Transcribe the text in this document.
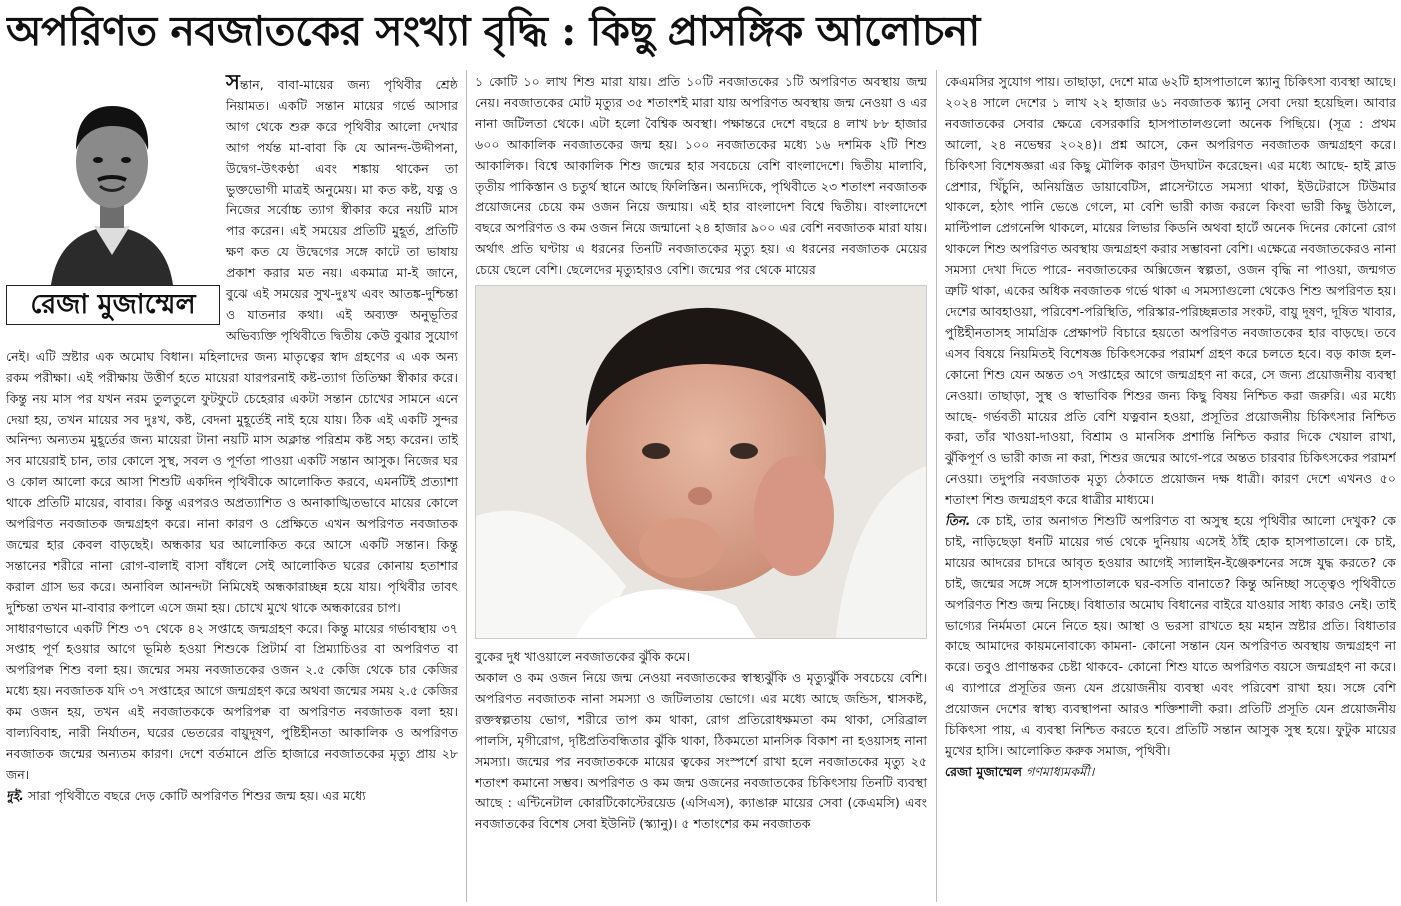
অপরিণত নবজাতকের সংখ্যা বৃদ্ধি : কিছু প্রাসঙ্গিক আলোচনা
রেজা মুজাম্মেল

সন্তান, বাবা-মায়ের জন্য পৃথিবীর শ্রেষ্ঠ নিয়ামত। একটি সন্তান মায়ের গর্ভে আসার আগ থেকে শুরু করে পৃথিবীর আলো দেখার আগ পর্যন্ত মা-বাবা কি যে আনন্দ-উদ্দীপনা, উদ্বেগ-উৎকণ্ঠা এবং শঙ্কায় থাকেন তা ভুক্তভোগী মাত্রই অনুমেয়। মা কত কষ্ট, যত্ন ও নিজের সর্বোচ্চ ত্যাগ স্বীকার করে নয়টি মাস পার করেন। এই সময়ের প্রতিটি মুহূর্ত, প্রতিটি ক্ষণ কত যে উদ্বেগের সঙ্গে কাটে তা ভাষায় প্রকাশ করার মত নয়। একমাত্র মা-ই জানে, বুঝে এই সময়ের সুখ-দুঃখ এবং আতঙ্ক-দুশ্চিন্তা ও যাতনার কথা। এই অব্যক্ত অনুভূতির অভিব্যক্তি পৃথিবীতে দ্বিতীয় কেউ বুঝার সুযোগ নেই। এটি স্রষ্টার এক অমোঘ বিধান। মহিলাদের জন্য মাতৃত্বের স্বাদ গ্রহণের এ এক অন্য রকম পরীক্ষা। এই পরীক্ষায় উত্তীর্ণ হতে মায়েরা যারপরনাই কষ্ট-ত্যাগ তিতিক্ষা স্বীকার করে। কিন্তু নয় মাস পর যখন নরম তুলতুলে ফুটফুটে চেহেরার একটা সন্তান চোখের সামনে এনে দেয়া হয়, তখন মায়ের সব দুঃখ, কষ্ট, বেদনা মুহূর্তেই নাই হয়ে যায়। ঠিক এই একটি সুন্দর অনিন্দ্য অন্যতম মুহূর্তের জন্য মায়েরা টানা নয়টি মাস অক্লান্ত পরিশ্রম কষ্ট সহ্য করেন। তাই সব মায়েরাই চান, তার কোলে সুস্থ, সবল ও পূর্ণতা পাওয়া একটি সন্তান আসুক। নিজের ঘর ও কোল আলো করে আসা শিশুটি একদিন পৃথিবীকে আলোকিত করবে, এমনটিই প্রত্যাশা থাকে প্রতিটি মায়ের, বাবার। কিন্তু এরপরও অপ্রত্যাশিত ও অনাকাঙ্খিতভাবে মায়ের কোলে অপরিণত নবজাতক জন্মগ্রহণ করে। নানা কারণ ও প্রেক্ষিতে এখন অপরিণত নবজাতক জন্মের হার কেবল বাড়ছেই। অন্ধকার ঘর আলোকিত করে আসে একটি সন্তান। কিন্তু সন্তানের শরীরে নানা রোগ-বালাই বাসা বাঁধলে সেই আলোকিত ঘরের কোনায় হতাশার করাল গ্রাস ভর করে। অনাবিল আনন্দটা নিমিষেই অন্ধকারাচ্ছন্ন হয়ে যায়। পৃথিবীর তাবৎ দুশ্চিন্তা তখন মা-বাবার কপালে এসে জমা হয়। চোখে মুখে থাকে অন্ধকারের চাপ।

সাধারণভাবে একটি শিশু ৩৭ থেকে ৪২ সপ্তাহে জন্মগ্রহণ করে। কিন্তু মায়ের গর্ভাবস্থায় ৩৭ সপ্তাহ পূর্ণ হওয়ার আগে ভূমিষ্ঠ হওয়া শিশুকে প্রিটার্ম বা প্রিম্যাচিওর বা অপরিণত বা অপরিপক্ব শিশু বলা হয়। জন্মের সময় নবজাতকের ওজন ২.৫ কেজি থেকে চার কেজির মধ্যে হয়। নবজাতক যদি ৩৭ সপ্তাহের আগে জন্মগ্রহণ করে অথবা জন্মের সময় ২.৫ কেজির কম ওজন হয়, তখন এই নবজাতককে অপরিপক্ব বা অপরিণত নবজাতক বলা হয়। বাল্যবিবাহ, নারী নির্যাতন, ঘরের ভেতরের বায়ুদূষণ, পুষ্টিহীনতা আকালিক ও অপরিণত নবজাতক জন্মের অন্যতম কারণ। দেশে বর্তমানে প্রতি হাজারে নবজাতকের মৃত্যু প্রায় ২৮ জন।

দুই. সারা পৃথিবীতে বছরে দেড় কোটি অপরিণত শিশুর জন্ম হয়। এর মধ্যে

১ কোটি ১০ লাখ শিশু মারা যায়। প্রতি ১০টি নবজাতকের ১টি অপরিণত অবস্থায় জন্ম নেয়। নবজাতকের মোট মৃত্যুর ৩৫ শতাংশই মারা যায় অপরিণত অবস্থায় জন্ম নেওয়া ও এর নানা জটিলতা থেকে। এটা হলো বৈশ্বিক অবস্থা। পক্ষান্তরে দেশে বছরে ৪ লাখ ৮৮ হাজার ৬০০ আকালিক নবজাতকের জন্ম হয়। ১০০ নবজাতকের মধ্যে ১৬ দশমিক ২টি শিশু আকালিক। বিশ্বে আকালিক শিশু জন্মের হার সবচেয়ে বেশি বাংলাদেশে। দ্বিতীয় মালাবি, তৃতীয় পাকিস্তান ও চতুর্থ স্থানে আছে ফিলিস্তিন। অন্যদিকে, পৃথিবীতে ২৩ শতাংশ নবজাতক প্রয়োজনের চেয়ে কম ওজন নিয়ে জন্মায়। এই হার বাংলাদেশ বিশ্বে দ্বিতীয়। বাংলাদেশে বছরে অপরিণত ও কম ওজন নিয়ে জন্মানো ২৪ হাজার ৯০০ এর বেশি নবজাতক মারা যায়। অর্থাৎ প্রতি ঘণ্টায় এ ধরনের তিনটি নবজাতকের মৃত্যু হয়। এ ধরনের নবজাতক মেয়ের চেয়ে ছেলে বেশি। ছেলেদের মৃত্যুহারও বেশি। জন্মের পর থেকে মায়ের

বুকের দুধ খাওয়ালে নবজাতকের ঝুঁকি কমে।

অকাল ও কম ওজন নিয়ে জন্ম নেওয়া নবজাতকের স্বাস্থ্যঝুঁকি ও মৃত্যুঝুঁকি সবচেয়ে বেশি। অপরিণত নবজাতক নানা সমস্যা ও জটিলতায় ভোগে। এর মধ্যে আছে জন্ডিস, শ্বাসকষ্ট, রক্তস্বল্পতায় ভোগ, শরীরে তাপ কম থাকা, রোগ প্রতিরোধক্ষমতা কম থাকা, সেরিব্রাল পালসি, মৃগীরোগ, দৃষ্টিপ্রতিবন্ধিতার ঝুঁকি থাকা, ঠিকমতো মানসিক বিকাশ না হওয়াসহ নানা সমস্যা। জন্মের পর নবজাতককে মায়ের ত্বকের সংস্পর্শে রাখা হলে নবজাতকের মৃত্যু ২৫ শতাংশ কমানো সম্ভব। অপরিণত ও কম জন্ম ওজনের নবজাতকের চিকিৎসায় তিনটি ব্যবস্থা আছে : এন্টিনেটাল কোরটিকোস্টেরয়েড (এসিএস), ক্যাঙারু মায়ের সেবা (কেএমসি) এবং নবজাতকের বিশেষ সেবা ইউনিট (স্ক্যানু)। ৫ শতাংশের কম নবজাতক

কেএমসির সুযোগ পায়। তাছাড়া, দেশে মাত্র ৬২টি হাসপাতালে স্ক্যানু চিকিৎসা ব্যবস্থা আছে। ২০২৪ সালে দেশের ১ লাখ ২২ হাজার ৬১ নবজাতক স্ক্যানু সেবা দেয়া হয়েছিল। আবার নবজাতকের সেবার ক্ষেত্রে বেসরকারি হাসপাতালগুলো অনেক পিছিয়ে। (সূত্র : প্রথম আলো, ২৪ নভেম্বর ২০২৪)। প্রশ্ন আসে, কেন অপরিণত নবজাতক জন্মগ্রহণ করে। চিকিৎসা বিশেষজ্ঞরা এর কিছু মৌলিক কারণ উদঘাটন করেছেন। এর মধ্যে আছে- হাই ব্লাড প্রেশার, খিঁচুনি, অনিয়ন্ত্রিত ডায়াবেটিস, প্লাসেন্টাতে সমস্যা থাকা, ইউটেরাসে টিউমার থাকলে, হঠাৎ পানি ভেঙে গেলে, মা বেশি ভারী কাজ করলে কিংবা ভারী কিছু উঠালে, মাল্টিপাল প্রেগনেন্সি থাকলে, মায়ের লিভার কিডনি অথবা হার্টে অনেক দিনের কোনো রোগ থাকলে শিশু অপরিণত অবস্থায় জন্মগ্রহণ করার সম্ভাবনা বেশি। এক্ষেত্রে নবজাতকেরও নানা সমস্যা দেখা দিতে পারে- নবজাতকের অক্সিজেন স্বল্পতা, ওজন বৃদ্ধি না পাওয়া, জন্মগত ত্রুটি থাকা, একের অধিক নবজাতক গর্ভে থাকা এ সমস্যাগুলো থেকেও শিশু অপরিণত হয়। দেশের আবহাওয়া, পরিবেশ-পরিস্থিতি, পরিস্কার-পরিচ্ছন্নতার সংকট, বায়ু দূষণ, দূষিত খাবার, পুষ্টিহীনতাসহ সামগ্রিক প্রেক্ষাপট বিচারে হয়তো অপরিণত নবজাতকের হার বাড়ছে। তবে এসব বিষয়ে নিয়মিতই বিশেষজ্ঞ চিকিৎসকের পরামর্শ গ্রহণ করে চলতে হবে। বড় কাজ হল- কোনো শিশু যেন অন্তত ৩৭ সপ্তাহের আগে জন্মগ্রহণ না করে, সে জন্য প্রয়োজনীয় ব্যবস্থা নেওয়া। তাছাড়া, সুস্থ ও স্বাভাবিক শিশুর জন্য কিছু বিষয় নিশ্চিত করা জরুরি। এর মধ্যে আছে- গর্ভবতী মায়ের প্রতি বেশি যত্নবান হওয়া, প্রসূতির প্রয়োজনীয় চিকিৎসার নিশ্চিত করা, তাঁর খাওয়া-দাওয়া, বিশ্রাম ও মানসিক প্রশান্তি নিশ্চিত করার দিকে খেয়াল রাখা, ঝুঁকিপূর্ণ ও ভারী কাজ না করা, শিশুর জন্মের আগে-পরে অন্তত চারবার চিকিৎসকের পরামর্শ নেওয়া। তদুপরি নবজাতক মৃত্যু ঠেকাতে প্রয়োজন দক্ষ ধাত্রী। কারণ দেশে এখনও ৫০ শতাংশ শিশু জন্মগ্রহণ করে ধাত্রীর মাধ্যমে।

তিন. কে চাই, তার অনাগত শিশুটি অপরিণত বা অসুস্থ হয়ে পৃথিবীর আলো দেখুক? কে চাই, নাড়িছেড়া ধনটি মায়ের গর্ভ থেকে দুনিয়ায় এসেই ঠাঁই হোক হাসপাতালে। কে চাই, মায়ের আদরের চাদরে আবৃত হওয়ার আগেই স্যালাইন-ইঞ্জেকশনের সঙ্গে যুদ্ধ করতে? কে চাই, জন্মের সঙ্গে সঙ্গে হাসপাতালকে ঘর-বসতি বানাতে? কিন্তু অনিচ্ছা সত্ত্বেও পৃথিবীতে অপরিণত শিশু জন্ম নিচ্ছে। বিধাতার অমোঘ বিধানের বাইরে যাওয়ার সাধ্য কারও নেই। তাই ভাগ্যের নির্মমতা মেনে নিতে হয়। আস্থা ও ভরসা রাখতে হয় মহান স্রষ্টার প্রতি। বিধাতার কাছে আমাদের কায়মনোবাক্যে কামনা- কোনো সন্তান যেন অপরিণত অবস্থায় জন্মগ্রহণ না করে। তবুও প্রাণান্তকর চেষ্টা থাকবে- কোনো শিশু যাতে অপরিণত বয়সে জন্মগ্রহণ না করে। এ ব্যাপারে প্রসূতির জন্য যেন প্রয়োজনীয় ব্যবস্থা এবং পরিবেশ রাখা হয়। সঙ্গে বেশি প্রয়োজন দেশের স্বাস্থ্য ব্যবস্থাপনা আরও শক্তিশালী করা। প্রতিটি প্রসূতি যেন প্রয়োজনীয় চিকিৎসা পায়, এ ব্যবস্থা নিশ্চিত করতে হবে। প্রতিটি সন্তান আসুক সুস্থ হয়ে। ফুটুক মায়ের মুখের হাসি। আলোকিত করুক সমাজ, পৃথিবী।

রেজা মুজাম্মেল গণমাধ্যমকর্মী।
